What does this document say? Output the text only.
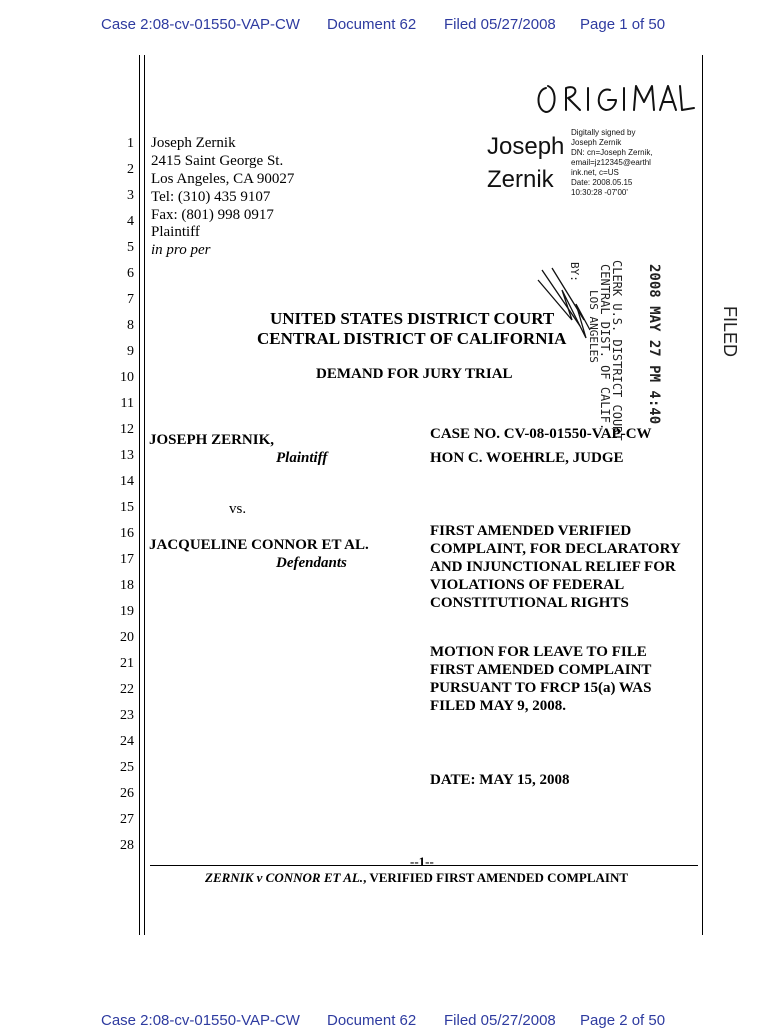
Case 2:08-cv-01550-VAP-CW Document 62 Filed 05/27/2008 Page 1 of 50
1
2
3
4
5
6
7
8
9
10
11
12
13
14
15
16
17
18
19
20
21
22
23
24
25
26
27
28
Joseph Zernik
2415 Saint George St.
Los Angeles, CA 90027
Tel: (310) 435 9107
Fax: (801) 998 0917
Plaintiff
in pro per
Joseph
Zernik
Digitally signed by
Joseph Zernik
DN: cn=Joseph Zernik,
email=jz12345@earthl
ink.net, c=US
Date: 2008.05.15
10:30:28 -07'00'
UNITED STATES DISTRICT COURT
CENTRAL DISTRICT OF CALIFORNIA
DEMAND FOR JURY TRIAL
BY: CLERK U.S. DISTRICT COURT
CENTRAL DIST. OF CALIF.
LOS ANGELES	2008 MAY 27 PM 4:40	FILED
JOSEPH ZERNIK,
Plaintiff
vs.
JACQUELINE CONNOR ET AL.
Defendants
CASE NO. CV-08-01550-VAP-CW
HON C. WOEHRLE, JUDGE
FIRST AMENDED VERIFIED
COMPLAINT, FOR DECLARATORY
AND INJUNCTIONAL RELIEF FOR
VIOLATIONS OF FEDERAL
CONSTITUTIONAL RIGHTS
MOTION FOR LEAVE TO FILE
FIRST AMENDED COMPLAINT
PURSUANT TO FRCP 15(a) WAS
FILED MAY 9, 2008.
DATE: MAY 15, 2008
--1--
ZERNIK v CONNOR ET AL., VERIFIED FIRST AMENDED COMPLAINT
Case 2:08-cv-01550-VAP-CW Document 62 Filed 05/27/2008 Page 2 of 50
